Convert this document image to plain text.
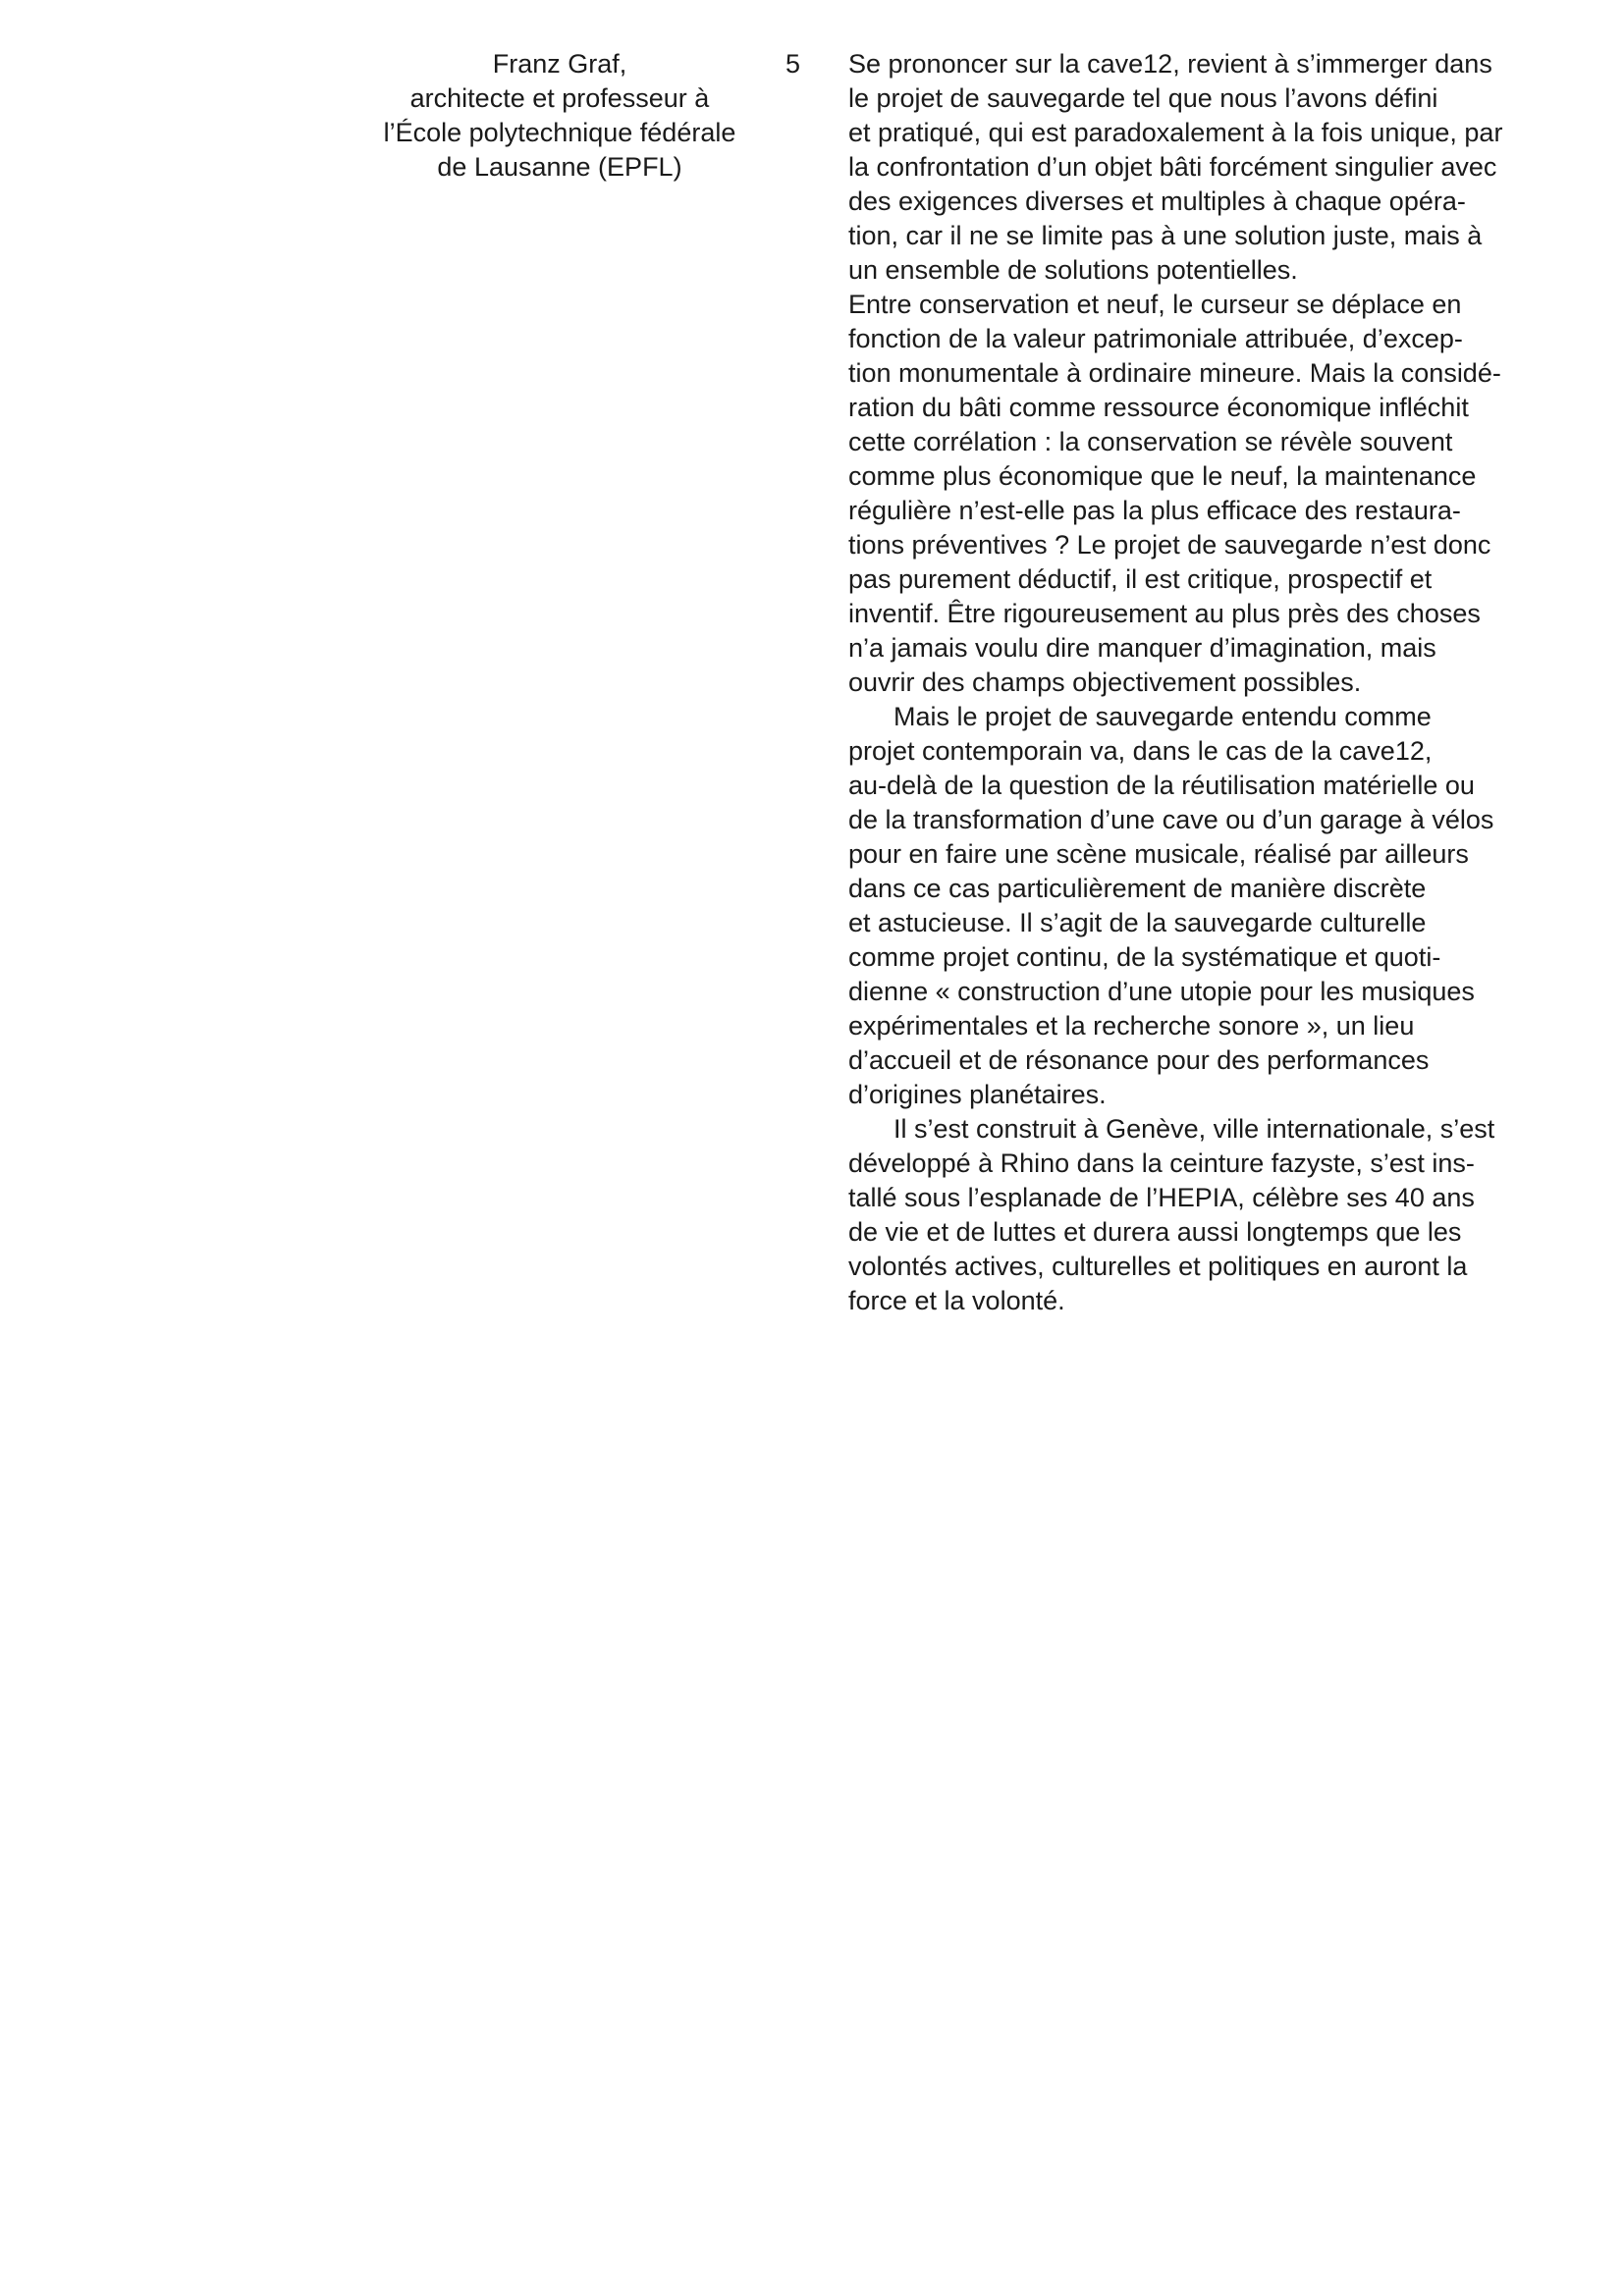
Franz Graf,
architecte et professeur à
l’École polytechnique fédérale
de Lausanne (EPFL)
5	Se prononcer sur la cave12, revient à s’immerger dans
le projet de sauvegarde tel que nous l’avons défini
et pratiqué, qui est paradoxalement à la fois unique, par
la confrontation d’un objet bâti forcément singulier avec
des exigences diverses et multiples à chaque opéra-
tion, car il ne se limite pas à une solution juste, mais à
un ensemble de solutions potentielles.
Entre conservation et neuf, le curseur se déplace en
fonction de la valeur patrimoniale attribuée, d’excep-
tion monumentale à ordinaire mineure. Mais la considé-
ration du bâti comme ressource économique infléchit
cette corrélation : la conservation se révèle souvent
comme plus économique que le neuf, la maintenance
régulière n’est-elle pas la plus efficace des restaura-
tions préventives ? Le projet de sauvegarde n’est donc
pas purement déductif, il est critique, prospectif et
inventif. Être rigoureusement au plus près des choses
n’a jamais voulu dire manquer d’imagination, mais
ouvrir des champs objectivement possibles.
Mais le projet de sauvegarde entendu comme
projet contemporain va, dans le cas de la cave12,
au-delà de la question de la réutilisation matérielle ou
de la transformation d’une cave ou d’un garage à vélos
pour en faire une scène musicale, réalisé par ailleurs
dans ce cas particulièrement de manière discrète
et astucieuse. Il s’agit de la sauvegarde culturelle
comme projet continu, de la systématique et quoti-
dienne « construction d’une utopie pour les musiques
expérimentales et la recherche sonore », un lieu
d’accueil et de résonance pour des performances
d’origines planétaires.
Il s’est construit à Genève, ville internationale, s’est
développé à Rhino dans la ceinture fazyste, s’est ins-
tallé sous l’esplanade de l’HEPIA, célèbre ses 40 ans
de vie et de luttes et durera aussi longtemps que les
volontés actives, culturelles et politiques en auront la
force et la volonté.
